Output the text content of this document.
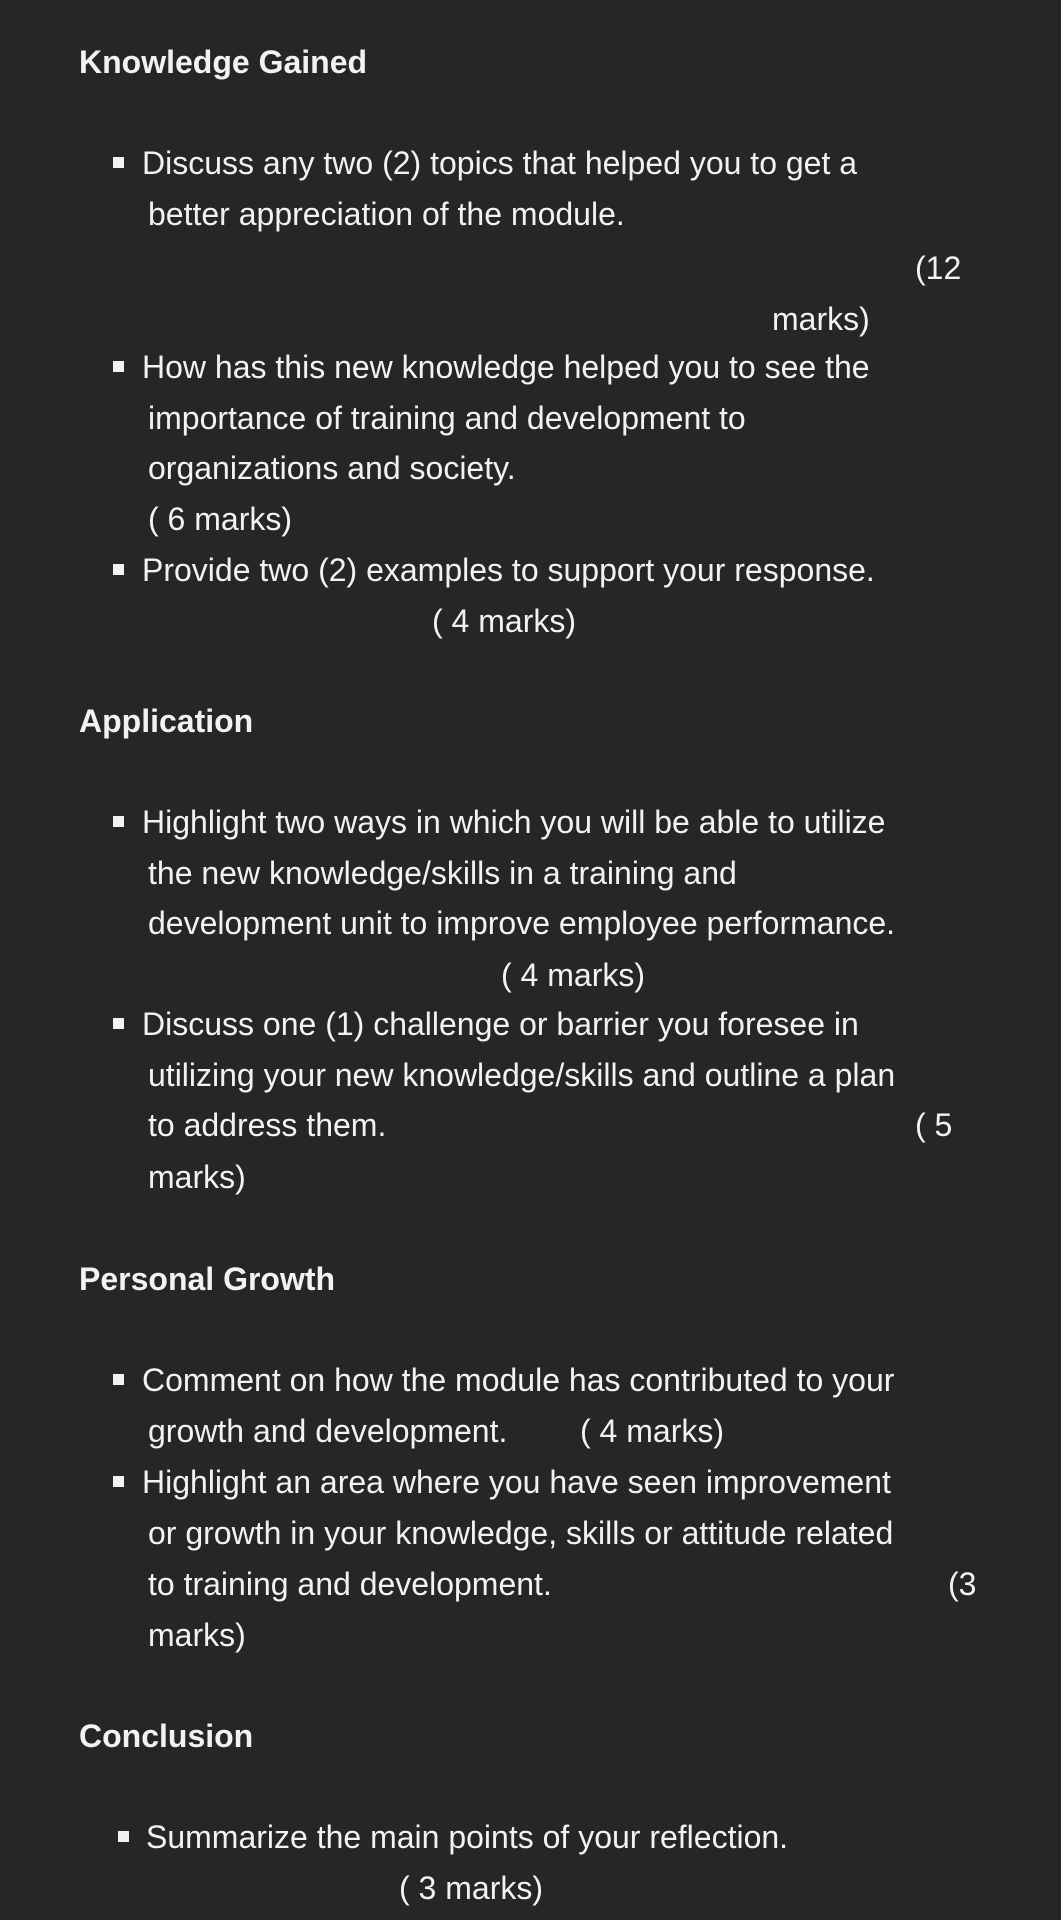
Knowledge Gained
Discuss any two (2) topics that helped you to get a
better appreciation of the module.
(12
marks)
How has this new knowledge helped you to see the
importance of training and development to
organizations and society.
( 6 marks)
Provide two (2) examples to support your response.
( 4 marks)
Application
Highlight two ways in which you will be able to utilize
the new knowledge/skills in a training and
development unit to improve employee performance.
( 4 marks)
Discuss one (1) challenge or barrier you foresee in
utilizing your new knowledge/skills and outline a plan
to address them.	( 5
marks)
Personal Growth
Comment on how the module has contributed to your
growth and development. ( 4 marks)
Highlight an area where you have seen improvement
or growth in your knowledge, skills or attitude related
to training and development.	(3
marks)
Conclusion
Summarize the main points of your reflection.
( 3 marks)
